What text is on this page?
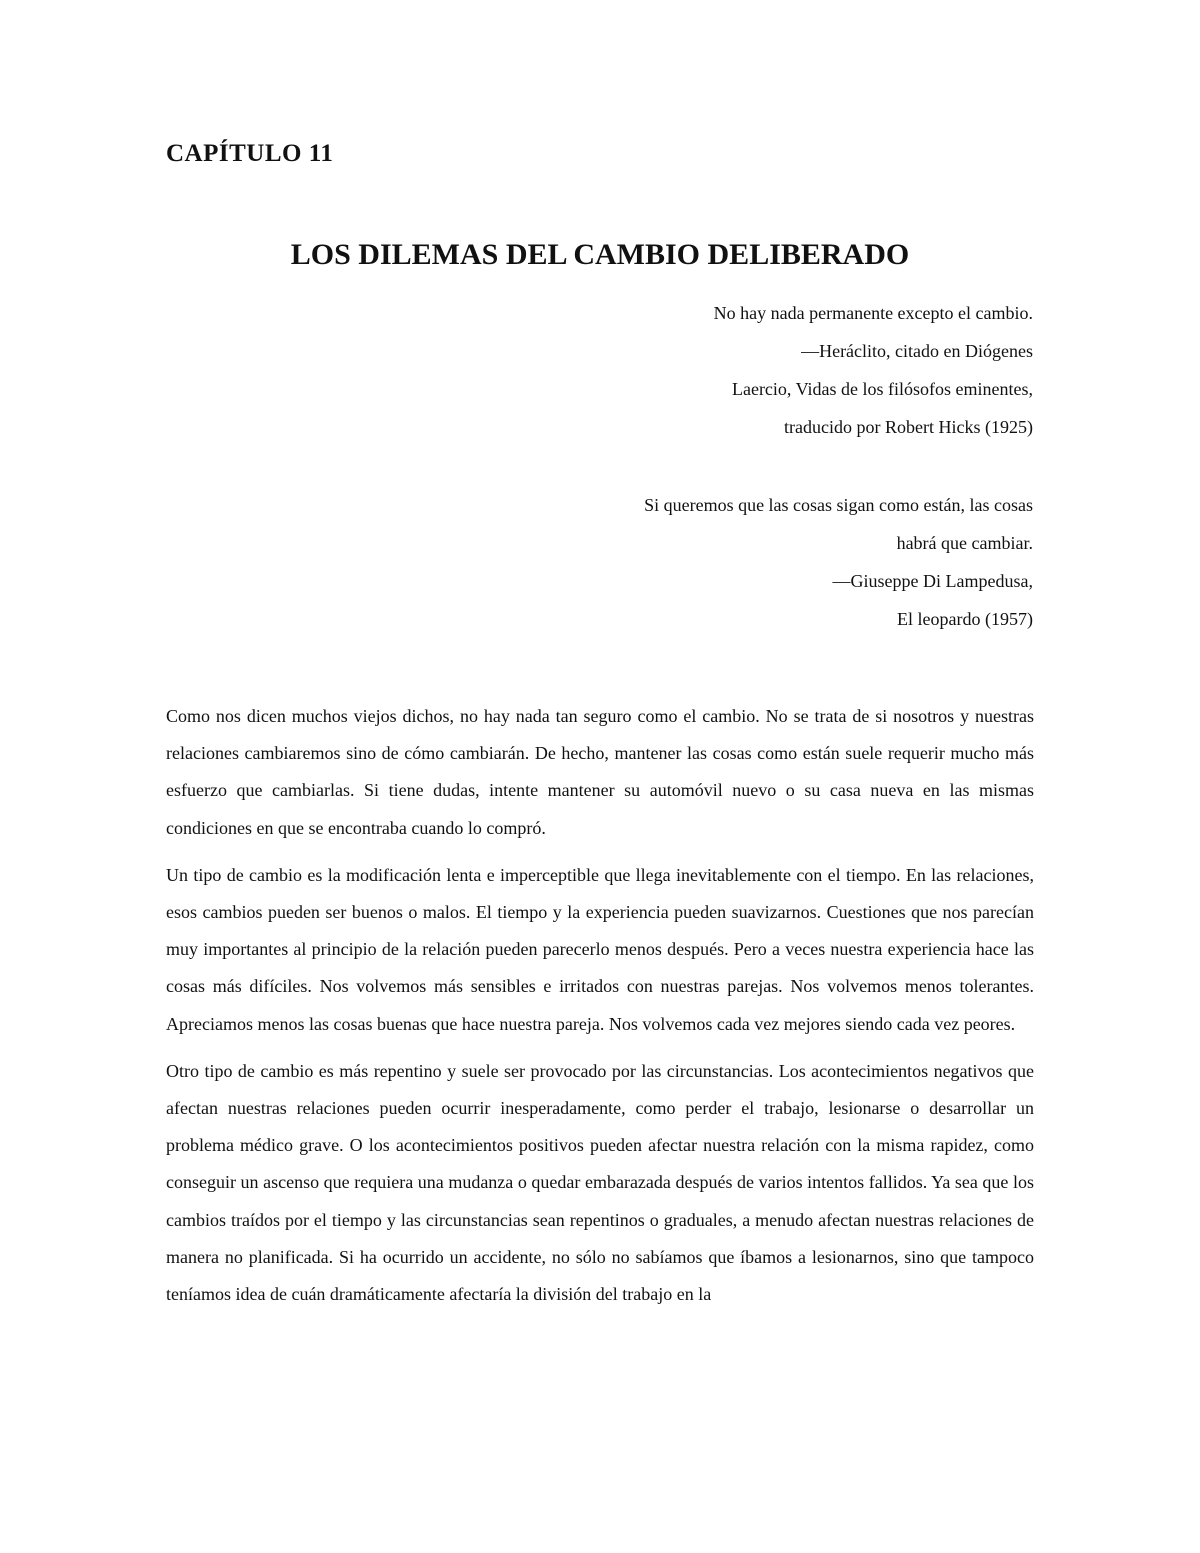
CAPÍTULO 11
LOS DILEMAS DEL CAMBIO DELIBERADO
No hay nada permanente excepto el cambio.
—Heráclito, citado en Diógenes
Laercio, Vidas de los filósofos eminentes,
traducido por Robert Hicks (1925)
Si queremos que las cosas sigan como están, las cosas
habrá que cambiar.
—Giuseppe Di Lampedusa,
El leopardo (1957)

Como nos dicen muchos viejos dichos, no hay nada tan seguro como el cambio. No se trata de si nosotros y nuestras relaciones cambiaremos sino de cómo cambiarán. De hecho, mantener las cosas como están suele requerir mucho más esfuerzo que cambiarlas. Si tiene dudas, intente mantener su automóvil nuevo o su casa nueva en las mismas condiciones en que se encontraba cuando lo compró.

Un tipo de cambio es la modificación lenta e imperceptible que llega inevitablemente con el tiempo. En las relaciones, esos cambios pueden ser buenos o malos. El tiempo y la experiencia pueden suavizarnos. Cuestiones que nos parecían muy importantes al principio de la relación pueden parecerlo menos después. Pero a veces nuestra experiencia hace las cosas más difíciles. Nos volvemos más sensibles e irritados con nuestras parejas. Nos volvemos menos tolerantes. Apreciamos menos las cosas buenas que hace nuestra pareja. Nos volvemos cada vez mejores siendo cada vez peores.

Otro tipo de cambio es más repentino y suele ser provocado por las circunstancias. Los acontecimientos negativos que afectan nuestras relaciones pueden ocurrir inesperadamente, como perder el trabajo, lesionarse o desarrollar un problema médico grave. O los acontecimientos positivos pueden afectar nuestra relación con la misma rapidez, como conseguir un ascenso que requiera una mudanza o quedar embarazada después de varios intentos fallidos. Ya sea que los cambios traídos por el tiempo y las circunstancias sean repentinos o graduales, a menudo afectan nuestras relaciones de manera no planificada. Si ha ocurrido un accidente, no sólo no sabíamos que íbamos a lesionarnos, sino que tampoco teníamos idea de cuán dramáticamente afectaría la división del trabajo en la
